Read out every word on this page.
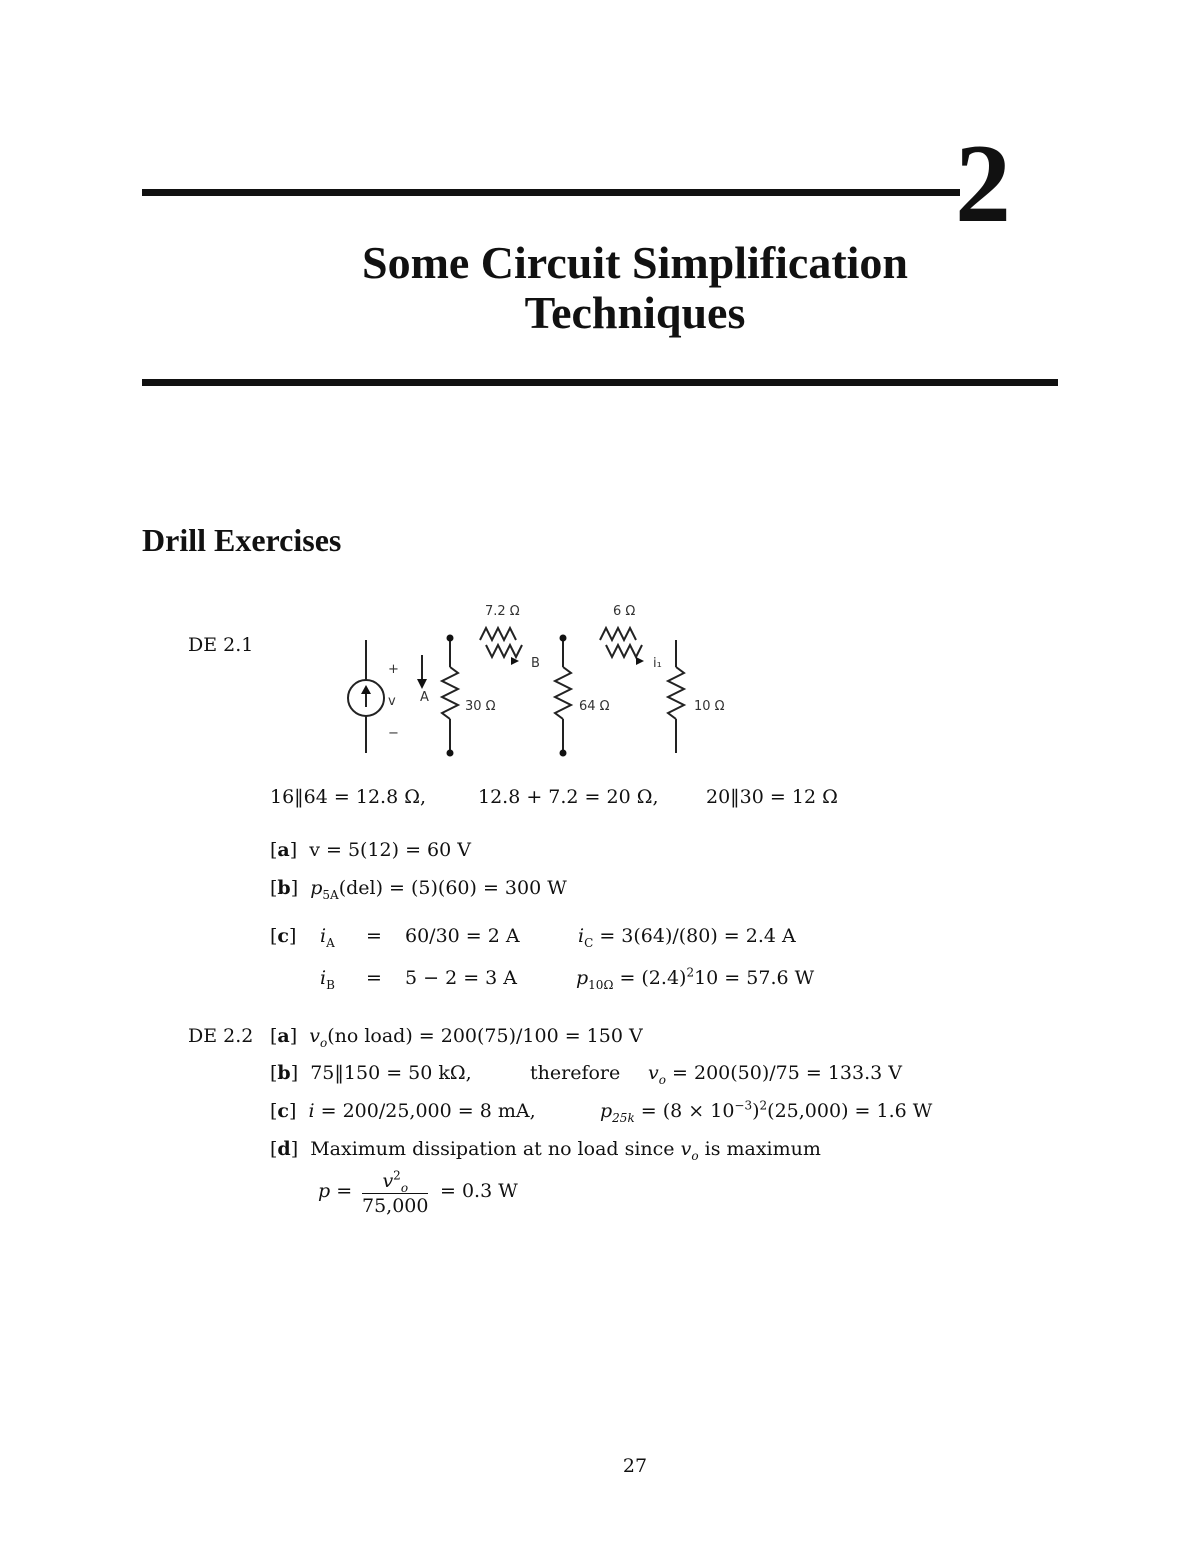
2
Some Circuit Simplification
Techniques
Drill Exercises
DE 2.1
7.2 Ω	6 Ω
30 Ω	64 Ω	10 Ω
v
+
−
A
B	i₁
16‖64 = 12.8 Ω,	12.8 + 7.2 = 20 Ω, 20‖30 = 12 Ω
[a]  v = 5(12) = 60 V
[b]  $p_{5A}(del) = (5)(60) = 300$ W
[c] $i_A = 60/30 = 2$ A	$i_C = 3(64)/(80) = 2.4$ A
$i_B = 5 - 2 = 3$ A	$p_{10\Omega} = (2.4)^210 = 57.6$ W
DE 2.2 [a]  $v_o(no$ load) = 200(75)/100 = 150 V
[b]  75‖150 = 50 kΩ,	therefore $v_o = 200(50)/75 = 133.3$ V
[c]  i = 200/25,000 = 8 mA,	$p_{25k} = (8 \times 10^{-3})^2(25,000) = 1.6$ W
[d]  Maximum dissipation at no load since $v_o$ is maximum
$p = \frac{v^2_o}{75,000} = 0.3$ W
27
